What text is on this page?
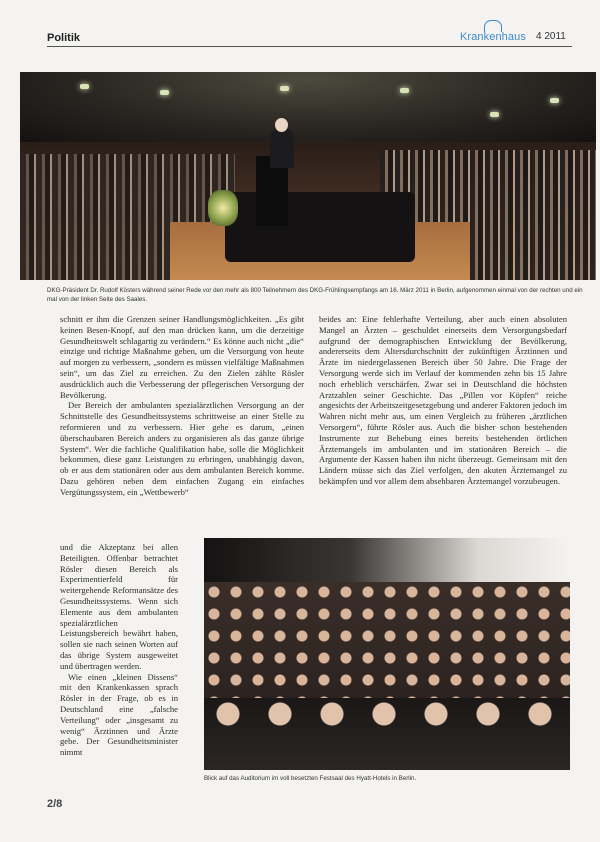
Politik	Krankenhaus 4 2011
DKG-Präsident Dr. Rudolf Kösters während seiner Rede vor den mehr als 800 Teilnehmern des DKG-Frühlingsempfangs am 16. März 2011 in Berlin, aufgenommen einmal von der rechten und ein mal von der linken Seite des Saales.

schnitt er ihm die Grenzen seiner Handlungsmöglichkeiten. „Es gibt keinen Besen-Knopf, auf den man drücken kann, um die derzeitige Gesundheitswelt schlagartig zu verändern.“ Es könne auch nicht „die“ einzige und richtige Maßnahme geben, um die Versorgung von heute auf morgen zu verbessern, „sondern es müssen vielfältige Maßnahmen sein“, um das Ziel zu erreichen. Zu den Zielen zählte Rösler ausdrücklich auch die Verbesserung der pflegerischen Versorgung der Bevölkerung.

Der Bereich der ambulanten spezialärztlichen Versorgung an der Schnittstelle des Gesundheitssystems schrittweise an einer Stelle zu reformieren und zu verbessern. Hier gehe es darum, „einen überschaubaren Bereich anders zu organisieren als das ganze übrige System“. Wer die fachliche Qualifikation habe, solle die Möglichkeit bekommen, diese ganz Leistungen zu erbringen, unabhängig davon, ob er aus dem stationären oder aus dem ambulanten Bereich komme. Dazu gehören neben dem einfachen Zugang ein einfaches Vergütungssystem, ein „Wettbewerb“

und die Akzeptanz bei allen Beteiligten. Offenbar betrachtet Rösler diesen Bereich als Experimentierfeld für weitergehende Reformansätze des Gesundheitssystems. Wenn sich Elemente aus dem ambulanten spezialärztlichen Leistungsbereich bewährt haben, sollen sie nach seinen Worten auf das übrige System ausgeweitet und übertragen werden.

Wie einen „kleinen Dissens“ mit den Krankenkassen sprach Rösler in der Frage, ob es in Deutschland eine „falsche Verteilung“ oder „insgesamt zu wenig“ Ärztinnen und Ärzte gebe. Der Gesundheitsminister nimmt

beides an: Eine fehlerhafte Verteilung, aber auch einen absoluten Mangel an Ärzten – geschuldet einerseits dem Versorgungsbedarf aufgrund der demographischen Entwicklung der Bevölkerung, andererseits dem Altersdurchschnitt der zukünftigen Ärztinnen und Ärzte im niedergelassenen Bereich über 50 Jahre. Die Frage der Versorgung werde sich im Verlauf der kommenden zehn bis 15 Jahre noch erheblich verschärfen. Zwar sei in Deutschland die höchsten Arztzahlen seiner Geschichte. Das „Pillen vor Köpfen“ reiche angesichts der Arbeitszeitgesetzgebung und anderer Faktoren jedoch im Wahren nicht mehr aus, um einen Vergleich zu früheren „ärztlichen Versorgern“, führte Rösler aus. Auch die bisher schon bestehenden Instrumente zur Behebung eines bereits bestehenden örtlichen Ärztemangels im ambulanten und im stationären Bereich – die Argumente der Kassen haben ihn nicht überzeugt. Gemeinsam mit den Ländern müsse sich das Ziel verfolgen, den akuten Ärztemangel zu bekämpfen und vor allem dem absehbaren Ärztemangel vorzubeugen.

Blick auf das Auditorium im voll besetzten Festsaal des Hyatt-Hotels in Berlin.
2/8
